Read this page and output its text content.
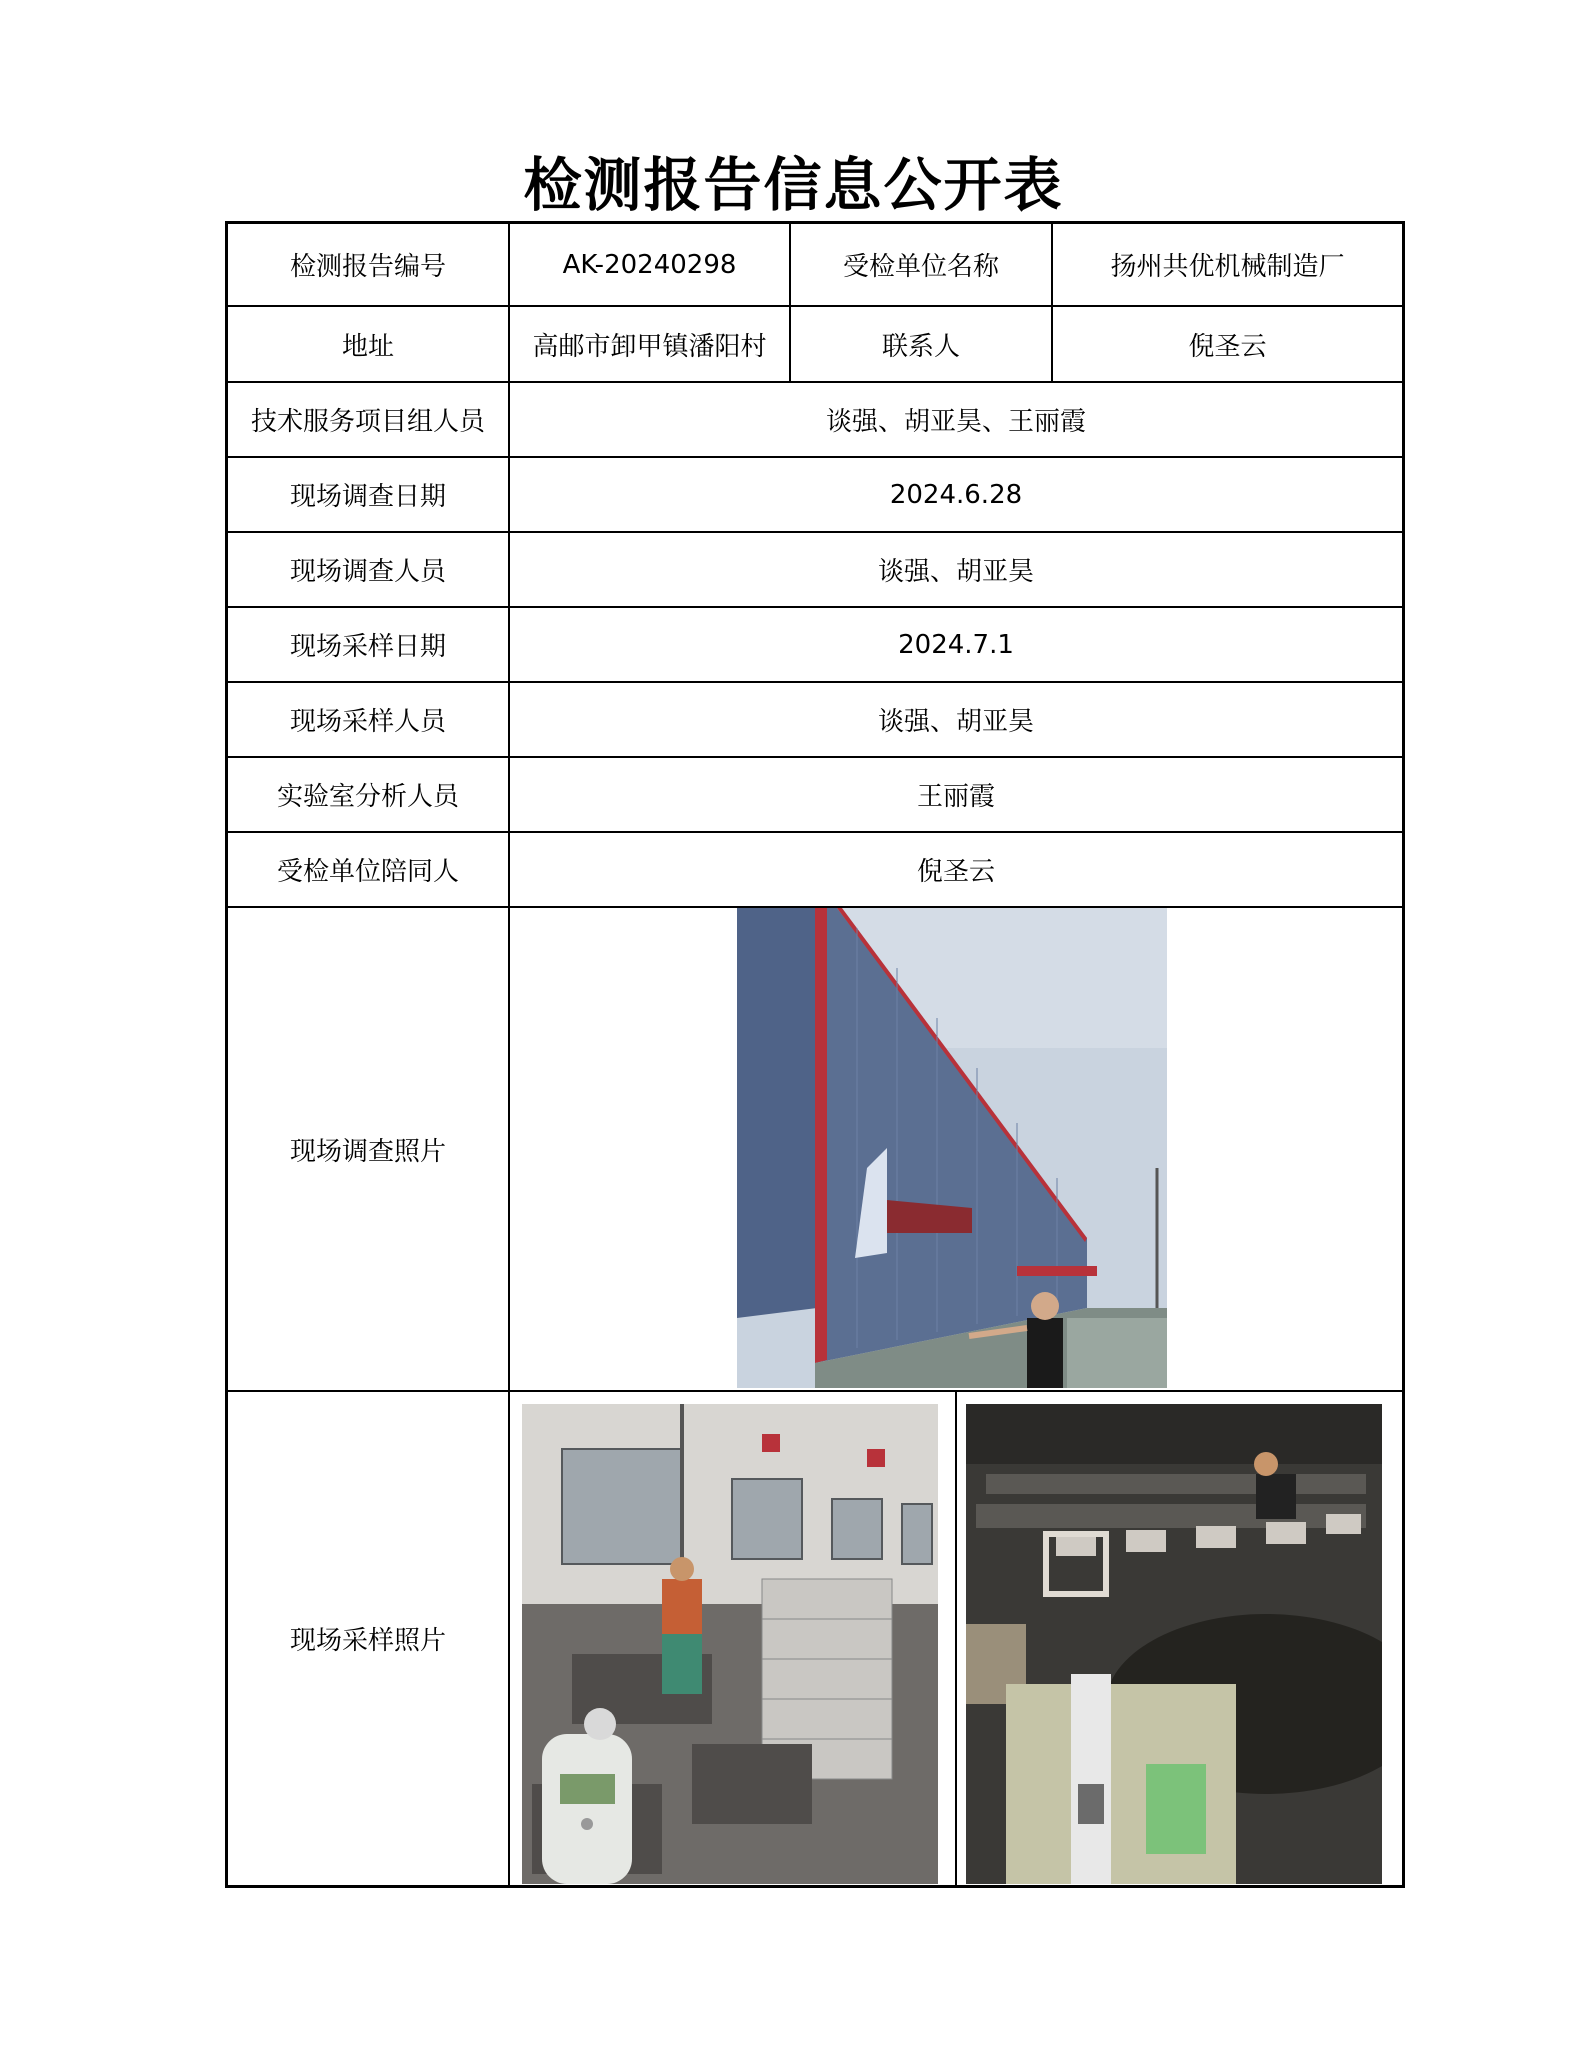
检测报告信息公开表
检测报告编号	AK-20240298	受检单位名称	扬州共优机械制造厂
地址	高邮市卸甲镇潘阳村	联系人	倪圣云
技术服务项目组人员	谈强、胡亚昊、王丽霞
现场调查日期	2024.6.28
现场调查人员	谈强、胡亚昊
现场采样日期	2024.7.1
现场采样人员	谈强、胡亚昊
实验室分析人员	王丽霞
受检单位陪同人	倪圣云
现场调查照片
现场采样照片
